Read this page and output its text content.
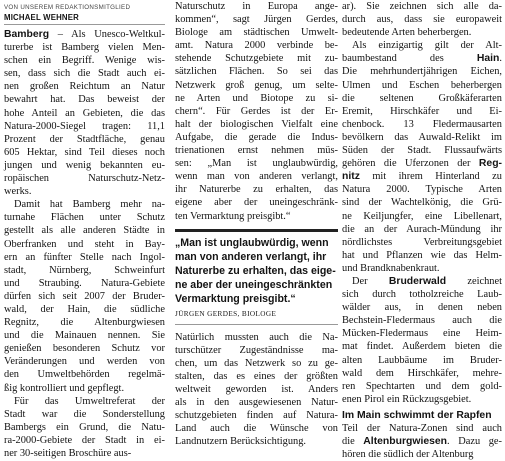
VON UNSEREM REDAKTIONSMITGLIED
MICHAEL WEHNER
Bamberg – Als Unesco-Weltkul-
turerbe ist Bamberg vielen Men-
schen ein Begriff. Wenige wis-
sen, dass sich die Stadt auch ei-
nen großen Reichtum an Natur
bewahrt hat. Das beweist der
hohe Anteil an Gebieten, die das
Natura-2000-Siegel tragen: 11,1
Prozent der Stadtfläche, genau
605 Hektar, sind Teil dieses noch
jungen und wenig bekannten eu-
ropäischen Naturschutz-Netz-
werks.
Damit hat Bamberg mehr na-
turnahe Flächen unter Schutz
gestellt als alle anderen Städte in
Oberfranken und steht in Bay-
ern an fünfter Stelle nach Ingol-
stadt, Nürnberg, Schweinfurt
und Straubing. Natura-Gebiete
dürfen sich seit 2007 der Bruder-
wald, der Hain, die südliche
Regnitz, die Altenburgwiesen
und die Mainauen nennen. Sie
genießen besonderen Schutz vor
Veränderungen und werden von
den Umweltbehörden regelmä-
ßig kontrolliert und gepflegt.
Für das Umweltreferat der
Stadt war die Sonderstellung
Bambergs ein Grund, die Natu-
ra-2000-Gebiete der Stadt in ei-
ner 30-seitigen Broschüre aus-
Naturschutz in Europa ange-
kommen“, sagt Jürgen Gerdes,
Biologe am städtischen Umwelt-
amt. Natura 2000 verbinde be-
stehende Schutzgebiete mit zu-
sätzlichen Flächen. So sei das
Netzwerk groß genug, um selte-
ne Arten und Biotope zu si-
chern“. Für Gerdes ist der Er-
halt der biologischen Vielfalt eine
Aufgabe, die gerade die Indus-
trienationen ernst nehmen müs-
sen: „Man ist unglaubwürdig,
wenn man von anderen verlangt,
ihr Naturerbe zu erhalten, das
eigene aber der uneingeschränk-
ten Vermarktung preisgibt.“
„Man ist unglaubwürdig, wenn
man von anderen verlangt, ihr
Naturerbe zu erhalten, das eige-
ne aber der uneingeschränkten
Vermarktung preisgibt.“
JÜRGEN GERDES, BIOLOGE
Natürlich mussten auch die Na-
turschützer Zugeständnisse ma-
chen, um das Netzwerk so zu ge-
stalten, das es eines der größten
weltweit geworden ist. Anders
als in den ausgewiesenen Natur-
schutzgebieten finden auf Natura-
Land auch die Wünsche von
Landnutzern Berücksichtigung.
ar). Sie zeichnen sich alle da-
durch aus, dass sie europaweit
bedeutende Arten beherbergen.
Als einzigartig gilt der Alt-
baumbestand des Hain.
Die mehrhundertjährigen Eichen,
Ulmen und Eschen beherbergen
die seltenen Großkäferarten
Eremit, Hirschkäfer und Ei-
chenbock. 13 Fledermausarten
bevölkern das Auwald-Relikt im
Süden der Stadt. Flussaufwärts
gehören die Uferzonen der Reg-
nitz mit ihrem Hinterland zu
Natura 2000. Typische Arten
sind der Wachtelkönig, die Grü-
ne Keiljungfer, eine Libellenart,
die an der Aurach-Mündung ihr
nördlichstes Verbreitungsgebiet
hat und Pflanzen wie das Helm-
und Brandknabenkraut.
Der Bruderwald zeichnet
sich durch totholzreiche Laub-
wälder aus, in denen neben
Bechstein-Fledermaus auch die
Mücken-Fledermaus eine Heim-
mat findet. Außerdem bieten die
alten Laubbäume im Bruder-
wald dem Hirschkäfer, mehre-
ren Spechtarten und dem gold-
enen Pirol ein Rückzugsgebiet.
Im Main schwimmt der Rapfen
Teil der Natura-Zonen sind auch
die Altenburgwiesen. Dazu ge-
hören die südlich der Altenburg
